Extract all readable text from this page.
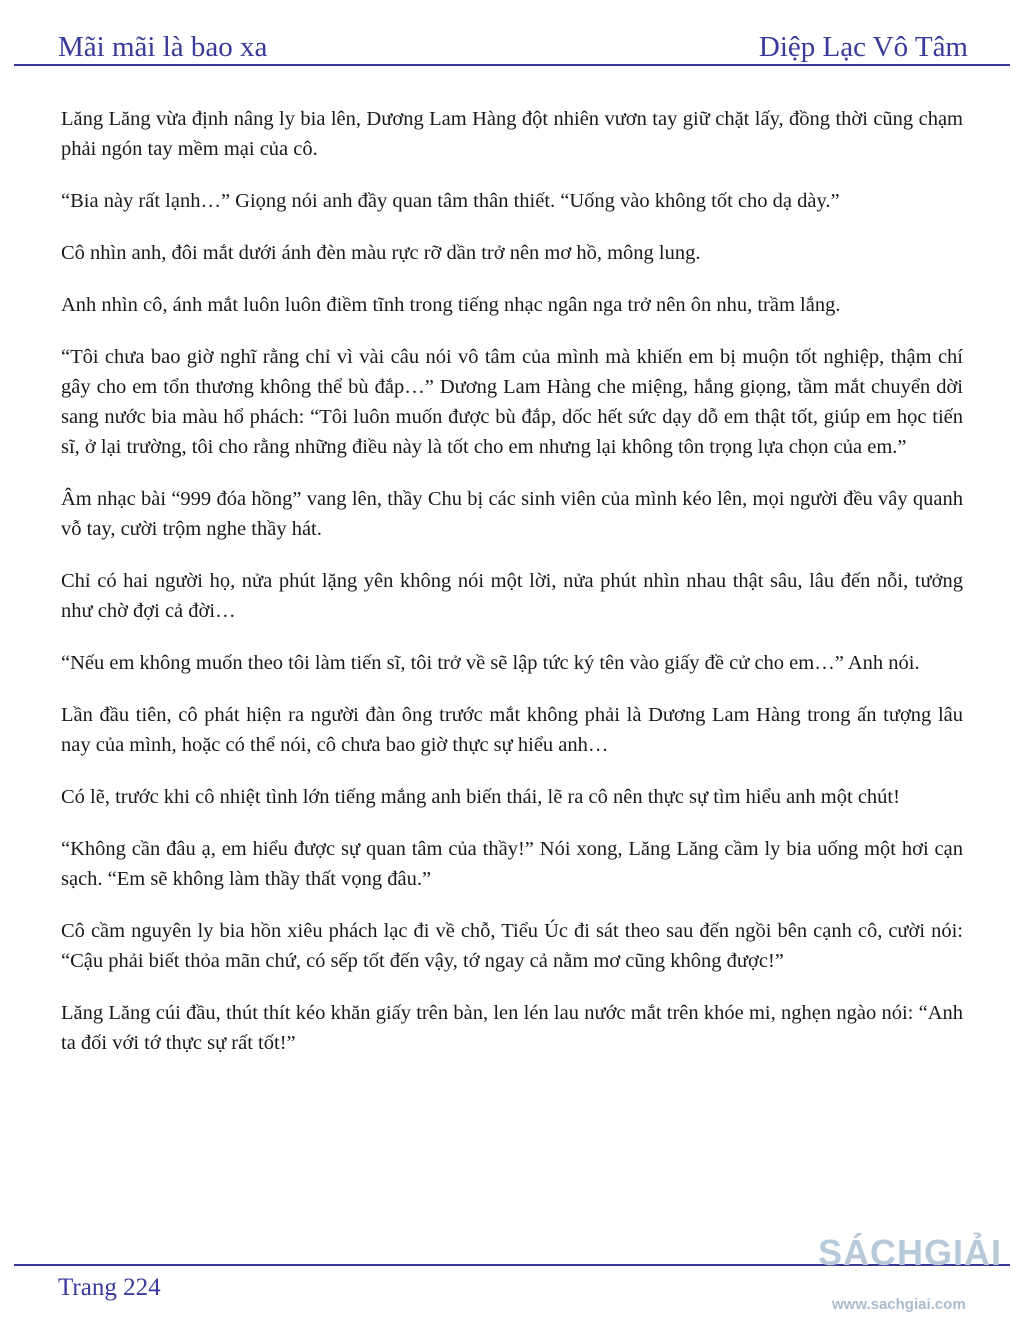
Mãi mãi là bao xa	Diệp Lạc Vô Tâm

Lăng Lăng vừa định nâng ly bia lên, Dương Lam Hàng đột nhiên vươn tay giữ chặt lấy, đồng thời cũng chạm phải ngón tay mềm mại của cô.

“Bia này rất lạnh…” Giọng nói anh đầy quan tâm thân thiết. “Uống vào không tốt cho dạ dày.”

Cô nhìn anh, đôi mắt dưới ánh đèn màu rực rỡ dần trở nên mơ hồ, mông lung.

Anh nhìn cô, ánh mắt luôn luôn điềm tĩnh trong tiếng nhạc ngân nga trở nên ôn nhu, trầm lắng.

“Tôi chưa bao giờ nghĩ rằng chỉ vì vài câu nói vô tâm của mình mà khiến em bị muộn tốt nghiệp, thậm chí gây cho em tổn thương không thể bù đắp…” Dương Lam Hàng che miệng, hắng giọng, tầm mắt chuyển dời sang nước bia màu hổ phách: “Tôi luôn muốn được bù đắp, dốc hết sức dạy dỗ em thật tốt, giúp em học tiến sĩ, ở lại trường, tôi cho rằng những điều này là tốt cho em nhưng lại không tôn trọng lựa chọn của em.”

Âm nhạc bài “999 đóa hồng” vang lên, thầy Chu bị các sinh viên của mình kéo lên, mọi người đều vây quanh vỗ tay, cười trộm nghe thầy hát.

Chỉ có hai người họ, nửa phút lặng yên không nói một lời, nửa phút nhìn nhau thật sâu, lâu đến nỗi, tưởng như chờ đợi cả đời…

“Nếu em không muốn theo tôi làm tiến sĩ, tôi trở về sẽ lập tức ký tên vào giấy đề cử cho em…” Anh nói.

Lần đầu tiên, cô phát hiện ra người đàn ông trước mắt không phải là Dương Lam Hàng trong ấn tượng lâu nay của mình, hoặc có thể nói, cô chưa bao giờ thực sự hiểu anh…

Có lẽ, trước khi cô nhiệt tình lớn tiếng mắng anh biến thái, lẽ ra cô nên thực sự tìm hiểu anh một chút!

“Không cần đâu ạ, em hiểu được sự quan tâm của thầy!” Nói xong, Lăng Lăng cầm ly bia uống một hơi cạn sạch. “Em sẽ không làm thầy thất vọng đâu.”

Cô cầm nguyên ly bia hồn xiêu phách lạc đi về chỗ, Tiểu Úc đi sát theo sau đến ngồi bên cạnh cô, cười nói: “Cậu phải biết thỏa mãn chứ, có sếp tốt đến vậy, tớ ngay cả nằm mơ cũng không được!”

Lăng Lăng cúi đầu, thút thít kéo khăn giấy trên bàn, len lén lau nước mắt trên khóe mi, nghẹn ngào nói: “Anh ta đối với tớ thực sự rất tốt!”

Trang 224
SÁCHGIẢI
www.sachgiai.com
